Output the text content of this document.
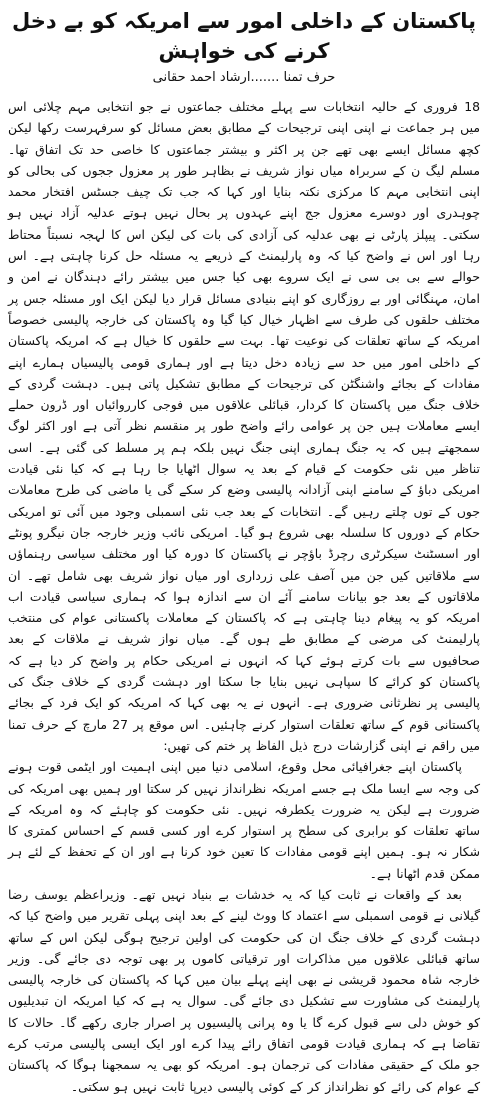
پاکستان کے داخلی امور سے امریکہ کو بے دخل کرنے کی خواہش
حرف تمنا .......ارشاد احمد حقانی

18 فروری کے حالیہ انتخابات سے پہلے مختلف جماعتوں نے جو انتخابی مہم چلائی اس میں ہر جماعت نے اپنی اپنی ترجیحات کے مطابق بعض مسائل کو سرفہرست رکھا لیکن کچھ مسائل ایسے بھی تھے جن پر اکثر و بیشتر جماعتوں کا خاصی حد تک اتفاق تھا۔ مسلم لیگ ن کے سربراہ میاں نواز شریف نے بظاہر طور پر معزول ججوں کی بحالی کو اپنی انتخابی مہم کا مرکزی نکتہ بنایا اور کہا کہ جب تک چیف جسٹس افتخار محمد چوہدری اور دوسرے معزول جج اپنے عہدوں پر بحال نہیں ہوتے عدلیہ آزاد نہیں ہو سکتی۔ پیپلز پارٹی نے بھی عدلیہ کی آزادی کی بات کی لیکن اس کا لہجہ نسبتاً محتاط رہا اور اس نے واضح کیا کہ وہ پارلیمنٹ کے ذریعے یہ مسئلہ حل کرنا چاہتی ہے۔ اس حوالے سے بی بی سی نے ایک سروے بھی کیا جس میں بیشتر رائے دہندگان نے امن و امان، مہنگائی اور بے روزگاری کو اپنے بنیادی مسائل قرار دیا لیکن ایک اور مسئلہ جس پر مختلف حلقوں کی طرف سے اظہار خیال کیا گیا وہ پاکستان کی خارجہ پالیسی خصوصاً امریکہ کے ساتھ تعلقات کی نوعیت تھا۔ بہت سے حلقوں کا خیال ہے کہ امریکہ پاکستان کے داخلی امور میں حد سے زیادہ دخل دیتا ہے اور ہماری قومی پالیسیاں ہمارے اپنے مفادات کے بجائے واشنگٹن کی ترجیحات کے مطابق تشکیل پاتی ہیں۔ دہشت گردی کے خلاف جنگ میں پاکستان کا کردار، قبائلی علاقوں میں فوجی کارروائیاں اور ڈرون حملے ایسے معاملات ہیں جن پر عوامی رائے واضح طور پر منقسم نظر آتی ہے اور اکثر لوگ سمجھتے ہیں کہ یہ جنگ ہماری اپنی جنگ نہیں بلکہ ہم پر مسلط کی گئی ہے۔ اسی تناظر میں نئی حکومت کے قیام کے بعد یہ سوال اٹھایا جا رہا ہے کہ کیا نئی قیادت امریکی دباؤ کے سامنے اپنی آزادانہ پالیسی وضع کر سکے گی یا ماضی کی طرح معاملات جوں کے توں چلتے رہیں گے۔ انتخابات کے بعد جب نئی اسمبلی وجود میں آئی تو امریکی حکام کے دوروں کا سلسلہ بھی شروع ہو گیا۔ امریکی نائب وزیر خارجہ جان نیگرو پونٹے اور اسسٹنٹ سیکرٹری رچرڈ باؤچر نے پاکستان کا دورہ کیا اور مختلف سیاسی رہنماؤں سے ملاقاتیں کیں جن میں آصف علی زرداری اور میاں نواز شریف بھی شامل تھے۔ ان ملاقاتوں کے بعد جو بیانات سامنے آئے ان سے اندازہ ہوا کہ ہماری سیاسی قیادت اب امریکہ کو یہ پیغام دینا چاہتی ہے کہ پاکستان کے معاملات پاکستانی عوام کی منتخب پارلیمنٹ کی مرضی کے مطابق طے ہوں گے۔ میاں نواز شریف نے ملاقات کے بعد صحافیوں سے بات کرتے ہوئے کہا کہ انہوں نے امریکی حکام پر واضح کر دیا ہے کہ پاکستان کو کرائے کا سپاہی نہیں بنایا جا سکتا اور دہشت گردی کے خلاف جنگ کی پالیسی پر نظرثانی ضروری ہے۔ انہوں نے یہ بھی کہا کہ امریکہ کو ایک فرد کے بجائے پاکستانی قوم کے ساتھ تعلقات استوار کرنے چاہئیں۔ اس موقع پر 27 مارچ کے حرف تمنا میں راقم نے اپنی گزارشات درج ذیل الفاظ پر ختم کی تھیں:

پاکستان اپنے جغرافیائی محل وقوع، اسلامی دنیا میں اپنی اہمیت اور ایٹمی قوت ہونے کی وجہ سے ایسا ملک ہے جسے امریکہ نظرانداز نہیں کر سکتا اور ہمیں بھی امریکہ کی ضرورت ہے لیکن یہ ضرورت یکطرفہ نہیں۔ نئی حکومت کو چاہئے کہ وہ امریکہ کے ساتھ تعلقات کو برابری کی سطح پر استوار کرے اور کسی قسم کے احساس کمتری کا شکار نہ ہو۔ ہمیں اپنے قومی مفادات کا تعین خود کرنا ہے اور ان کے تحفظ کے لئے ہر ممکن قدم اٹھانا ہے۔

بعد کے واقعات نے ثابت کیا کہ یہ خدشات بے بنیاد نہیں تھے۔ وزیراعظم یوسف رضا گیلانی نے قومی اسمبلی سے اعتماد کا ووٹ لینے کے بعد اپنی پہلی تقریر میں واضح کیا کہ دہشت گردی کے خلاف جنگ ان کی حکومت کی اولین ترجیح ہوگی لیکن اس کے ساتھ ساتھ قبائلی علاقوں میں مذاکرات اور ترقیاتی کاموں پر بھی توجہ دی جائے گی۔ وزیر خارجہ شاہ محمود قریشی نے بھی اپنے پہلے بیان میں کہا کہ پاکستان کی خارجہ پالیسی پارلیمنٹ کی مشاورت سے تشکیل دی جائے گی۔ سوال یہ ہے کہ کیا امریکہ ان تبدیلیوں کو خوش دلی سے قبول کرے گا یا وہ پرانی پالیسیوں پر اصرار جاری رکھے گا۔ حالات کا تقاضا ہے کہ ہماری قیادت قومی اتفاق رائے پیدا کرے اور ایک ایسی پالیسی مرتب کرے جو ملک کے حقیقی مفادات کی ترجمان ہو۔ امریکہ کو بھی یہ سمجھنا ہوگا کہ پاکستان کے عوام کی رائے کو نظرانداز کر کے کوئی پالیسی دیرپا ثابت نہیں ہو سکتی۔
